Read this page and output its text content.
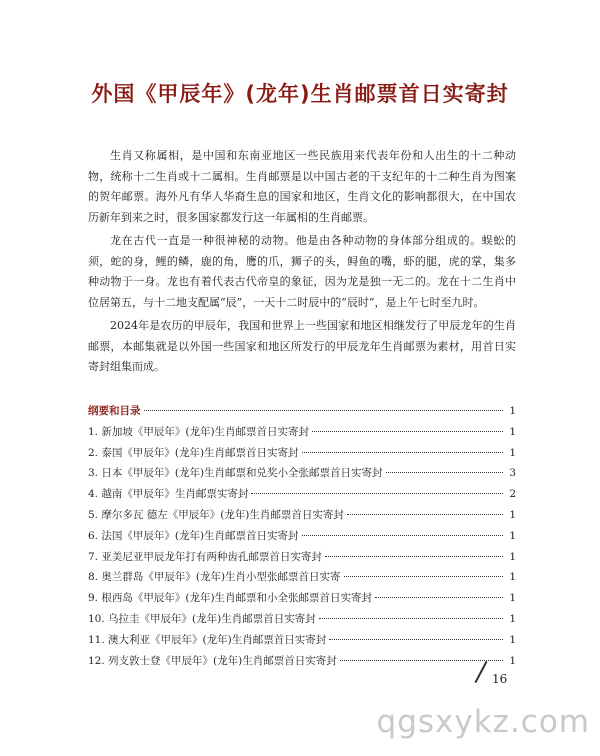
外国《甲辰年》(龙年)生肖邮票首日实寄封

生肖又称属相，是中国和东南亚地区一些民族用来代表年份和人出生的十二种动物，统称十二生肖或十二属相。生肖邮票是以中国古老的干支纪年的十二种生肖为图案的贺年邮票。海外凡有华人华裔生息的国家和地区，生肖文化的影响都很大，在中国农历新年到来之时，很多国家都发行这一年属相的生肖邮票。

龙在古代一直是一种很神秘的动物。他是由各种动物的身体部分组成的。蜈蚣的须，蛇的身，鲤的鳞，鹿的角，鹰的爪，狮子的头，鲟鱼的嘴，虾的腿，虎的掌，集多种动物于一身。龙也有着代表古代帝皇的象征，因为龙是独一无二的。龙在十二生肖中位居第五，与十二地支配属“辰”，一天十二时辰中的“辰时”，是上午七时至九时。

2024年是农历的甲辰年，我国和世界上一些国家和地区相继发行了甲辰龙年的生肖邮票，本邮集就是以外国一些国家和地区所发行的甲辰龙年生肖邮票为素材，用首日实寄封组集而成。

纲要和目录	1
1. 新加坡《甲辰年》(龙年)生肖邮票首日实寄封	1
2. 泰国《甲辰年》(龙年)生肖邮票首日实寄封	1
3. 日本《甲辰年》(龙年)生肖邮票和兑奖小全张邮票首日实寄封	3
4. 越南《甲辰年》生肖邮票实寄封	2
5. 摩尔多瓦 德左《甲辰年》(龙年)生肖邮票首日实寄封	1
6. 法国《甲辰年》(龙年)生肖邮票首日实寄封	1
7. 亚美尼亚甲辰龙年打有两种齿孔邮票首日实寄封	1
8. 奥兰群岛《甲辰年》(龙年)生肖小型张邮票首日实寄	1
9. 根西岛《甲辰年》(龙年)生肖邮票和小全张邮票首日实寄封	1
10. 乌拉圭《甲辰年》(龙年)生肖邮票首日实寄封	1
11. 澳大利亚《甲辰年》(龙年)生肖邮票首日实寄封	1
12. 列支敦士登《甲辰年》(龙年)生肖邮票首日实寄封	1
16
qgsxykz.com
